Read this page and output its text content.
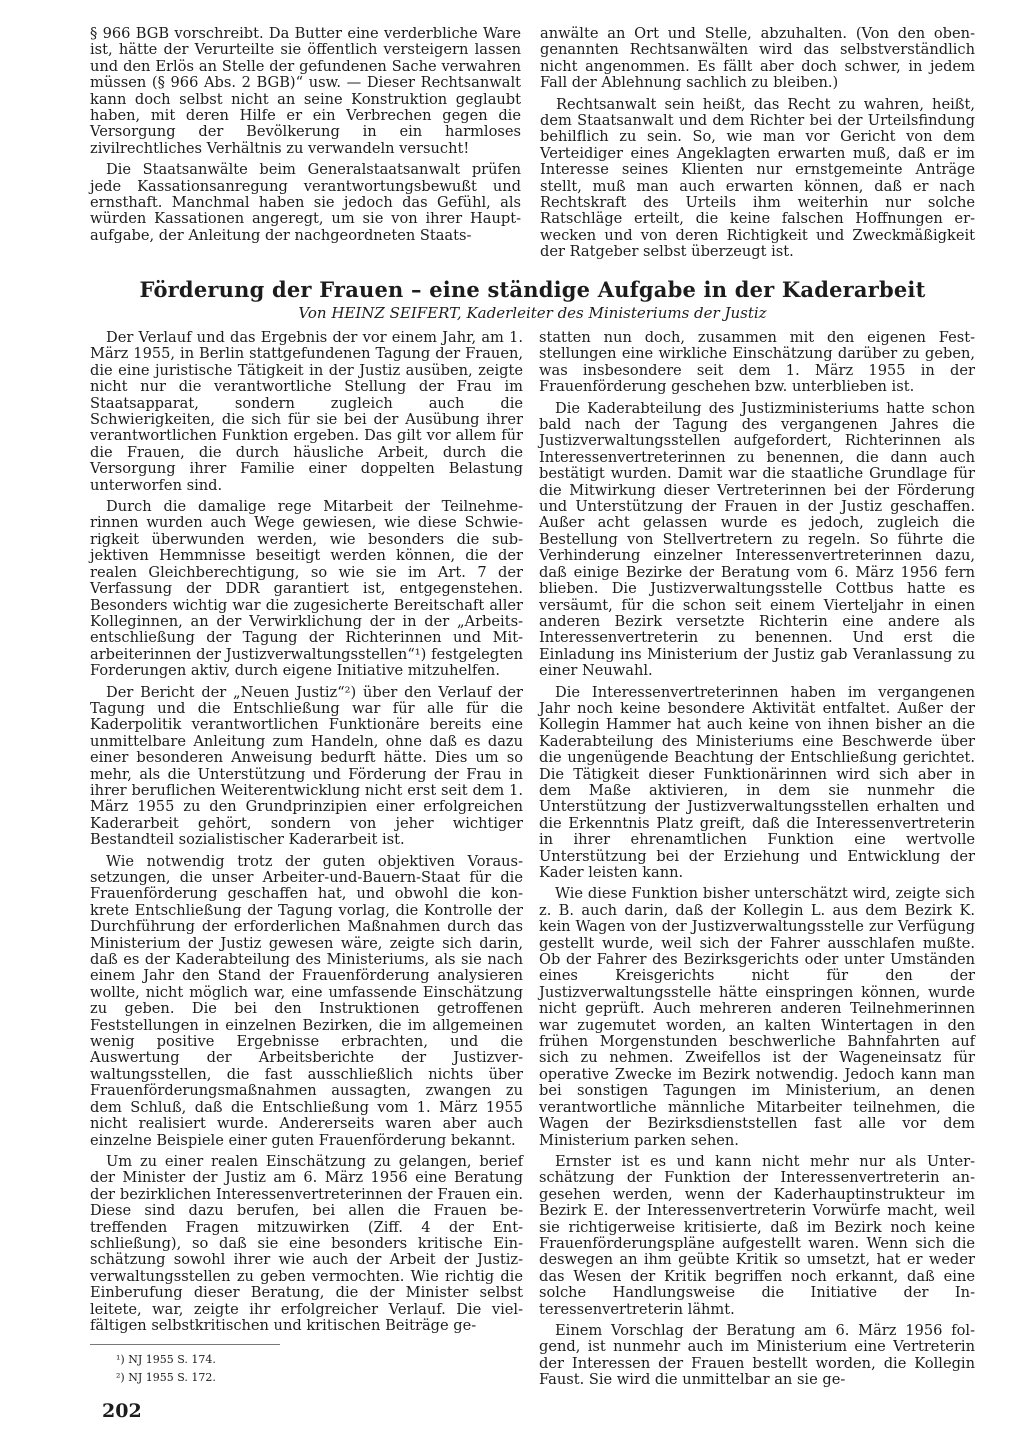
§ 966 BGB vorschreibt. Da Butter eine verderbliche Ware ist, hätte der Verurteilte sie öffentlich versteigern lassen und den Erlös an Stelle der gefundenen Sache verwahren müssen (§ 966 Abs. 2 BGB)“ usw. — Dieser Rechtsanwalt kann doch selbst nicht an seine Konstruktion geglaubt haben, mit deren Hilfe er ein Verbrechen gegen die Versorgung der Bevölkerung in ein harmloses zivilrechtliches Verhältnis zu verwandeln versucht!

Die Staatsanwälte beim Generalstaatsanwalt prüfen jede Kassationsanregung verantwortungsbewußt und ernsthaft. Manchmal haben sie jedoch das Gefühl, als würden Kassationen angeregt, um sie von ihrer Hauptaufgabe, der Anleitung der nachgeordneten Staats-

anwälte an Ort und Stelle, abzuhalten. (Von den obengenannten Rechtsanwälten wird das selbstverständlich nicht angenommen. Es fällt aber doch schwer, in jedem Fall der Ablehnung sachlich zu bleiben.)

Rechtsanwalt sein heißt, das Recht zu wahren, heißt, dem Staatsanwalt und dem Richter bei der Urteilsfindung behilflich zu sein. So, wie man vor Gericht von dem Verteidiger eines Angeklagten erwarten muß, daß er im Interesse seines Klienten nur ernstgemeinte Anträge stellt, muß man auch erwarten können, daß er nach Rechtskraft des Urteils ihm weiterhin nur solche Ratschläge erteilt, die keine falschen Hoffnungen erwecken und von deren Richtigkeit und Zweckmäßigkeit der Ratgeber selbst überzeugt ist.

Förderung der Frauen – eine ständige Aufgabe in der Kaderarbeit
Von HEINZ SEIFERT, Kaderleiter des Ministeriums der Justiz

Der Verlauf und das Ergebnis der vor einem Jahr, am 1. März 1955, in Berlin stattgefundenen Tagung der Frauen, die eine juristische Tätigkeit in der Justiz ausüben, zeigte nicht nur die verantwortliche Stellung der Frau im Staatsapparat, sondern zugleich auch die Schwierigkeiten, die sich für sie bei der Ausübung ihrer verantwortlichen Funktion ergeben. Das gilt vor allem für die Frauen, die durch häusliche Arbeit, durch die Versorgung ihrer Familie einer doppelten Belastung unterworfen sind.

Durch die damalige rege Mitarbeit der Teilnehmerinnen wurden auch Wege gewiesen, wie diese Schwierigkeit überwunden werden, wie besonders die subjektiven Hemmnisse beseitigt werden können, die der realen Gleichberechtigung, so wie sie im Art. 7 der Verfassung der DDR garantiert ist, entgegenstehen. Besonders wichtig war die zugesicherte Bereitschaft aller Kolleginnen, an der Verwirklichung der in der „Arbeitsentschließung der Tagung der Richterinnen und Mitarbeiterinnen der Justizverwaltungsstellen“¹) festgelegten Forderungen aktiv, durch eigene Initiative mitzuhelfen.

Der Bericht der „Neuen Justiz“²) über den Verlauf der Tagung und die Entschließung war für alle für die Kaderpolitik verantwortlichen Funktionäre bereits eine unmittelbare Anleitung zum Handeln, ohne daß es dazu einer besonderen Anweisung bedurft hätte. Dies um so mehr, als die Unterstützung und Förderung der Frau in ihrer beruflichen Weiterentwicklung nicht erst seit dem 1. März 1955 zu den Grundprinzipien einer erfolgreichen Kaderarbeit gehört, sondern von jeher wichtiger Bestandteil sozialistischer Kaderarbeit ist.

Wie notwendig trotz der guten objektiven Voraussetzungen, die unser Arbeiter-und-Bauern-Staat für die Frauenförderung geschaffen hat, und obwohl die konkrete Entschließung der Tagung vorlag, die Kontrolle der Durchführung der erforderlichen Maßnahmen durch das Ministerium der Justiz gewesen wäre, zeigte sich darin, daß es der Kaderabteilung des Ministeriums, als sie nach einem Jahr den Stand der Frauenförderung analysieren wollte, nicht möglich war, eine umfassende Einschätzung zu geben. Die bei den Instruktionen getroffenen Feststellungen in einzelnen Bezirken, die im allgemeinen wenig positive Ergebnisse erbrachten, und die Auswertung der Arbeitsberichte der Justizverwaltungsstellen, die fast ausschließlich nichts über Frauenförderungsmaßnahmen aussagten, zwangen zu dem Schluß, daß die Entschließung vom 1. März 1955 nicht realisiert wurde. Andererseits waren aber auch einzelne Beispiele einer guten Frauenförderung bekannt.

Um zu einer realen Einschätzung zu gelangen, berief der Minister der Justiz am 6. März 1956 eine Beratung der bezirklichen Interessenvertreterinnen der Frauen ein. Diese sind dazu berufen, bei allen die Frauen betreffenden Fragen mitzuwirken (Ziff. 4 der Entschließung), so daß sie eine besonders kritische Einschätzung sowohl ihrer wie auch der Arbeit der Justizverwaltungsstellen zu geben vermochten. Wie richtig die Einberufung dieser Beratung, die der Minister selbst leitete, war, zeigte ihr erfolgreicher Verlauf. Die vielfältigen selbstkritischen und kritischen Beiträge ge-

¹) NJ 1955 S. 174.

²) NJ 1955 S. 172.

statten nun doch, zusammen mit den eigenen Feststellungen eine wirkliche Einschätzung darüber zu geben, was insbesondere seit dem 1. März 1955 in der Frauenförderung geschehen bzw. unterblieben ist.

Die Kaderabteilung des Justizministeriums hatte schon bald nach der Tagung des vergangenen Jahres die Justizverwaltungsstellen aufgefordert, Richterinnen als Interessenvertreterinnen zu benennen, die dann auch bestätigt wurden. Damit war die staatliche Grundlage für die Mitwirkung dieser Vertreterinnen bei der Förderung und Unterstützung der Frauen in der Justiz geschaffen. Außer acht gelassen wurde es jedoch, zugleich die Bestellung von Stellvertretern zu regeln. So führte die Verhinderung einzelner Interessenvertreterinnen dazu, daß einige Bezirke der Beratung vom 6. März 1956 fern blieben. Die Justizverwaltungsstelle Cottbus hatte es versäumt, für die schon seit einem Vierteljahr in einen anderen Bezirk versetzte Richterin eine andere als Interessenvertreterin zu benennen. Und erst die Einladung ins Ministerium der Justiz gab Veranlassung zu einer Neuwahl.

Die Interessenvertreterinnen haben im vergangenen Jahr noch keine besondere Aktivität entfaltet. Außer der Kollegin Hammer hat auch keine von ihnen bisher an die Kaderabteilung des Ministeriums eine Beschwerde über die ungenügende Beachtung der Entschließung gerichtet. Die Tätigkeit dieser Funktionärinnen wird sich aber in dem Maße aktivieren, in dem sie nunmehr die Unterstützung der Justizverwaltungsstellen erhalten und die Erkenntnis Platz greift, daß die Interessenvertreterin in ihrer ehrenamtlichen Funktion eine wertvolle Unterstützung bei der Erziehung und Entwicklung der Kader leisten kann.

Wie diese Funktion bisher unterschätzt wird, zeigte sich z. B. auch darin, daß der Kollegin L. aus dem Bezirk K. kein Wagen von der Justizverwaltungsstelle zur Verfügung gestellt wurde, weil sich der Fahrer ausschlafen mußte. Ob der Fahrer des Bezirksgerichts oder unter Umständen eines Kreisgerichts nicht für den der Justizverwaltungsstelle hätte einspringen können, wurde nicht geprüft. Auch mehreren anderen Teilnehmerinnen war zugemutet worden, an kalten Wintertagen in den frühen Morgenstunden beschwerliche Bahnfahrten auf sich zu nehmen. Zweifellos ist der Wageneinsatz für operative Zwecke im Bezirk notwendig. Jedoch kann man bei sonstigen Tagungen im Ministerium, an denen verantwortliche männliche Mitarbeiter teilnehmen, die Wagen der Bezirksdienststellen fast alle vor dem Ministerium parken sehen.

Ernster ist es und kann nicht mehr nur als Unterschätzung der Funktion der Interessenvertreterin angesehen werden, wenn der Kaderhauptinstrukteur im Bezirk E. der Interessenvertreterin Vorwürfe macht, weil sie richtigerweise kritisierte, daß im Bezirk noch keine Frauenförderungspläne aufgestellt waren. Wenn sich die deswegen an ihm geübte Kritik so umsetzt, hat er weder das Wesen der Kritik begriffen noch erkannt, daß eine solche Handlungsweise die Initiative der Interessenvertreterin lähmt.

Einem Vorschlag der Beratung am 6. März 1956 folgend, ist nunmehr auch im Ministerium eine Vertreterin der Interessen der Frauen bestellt worden, die Kollegin Faust. Sie wird die unmittelbar an sie ge-

202
